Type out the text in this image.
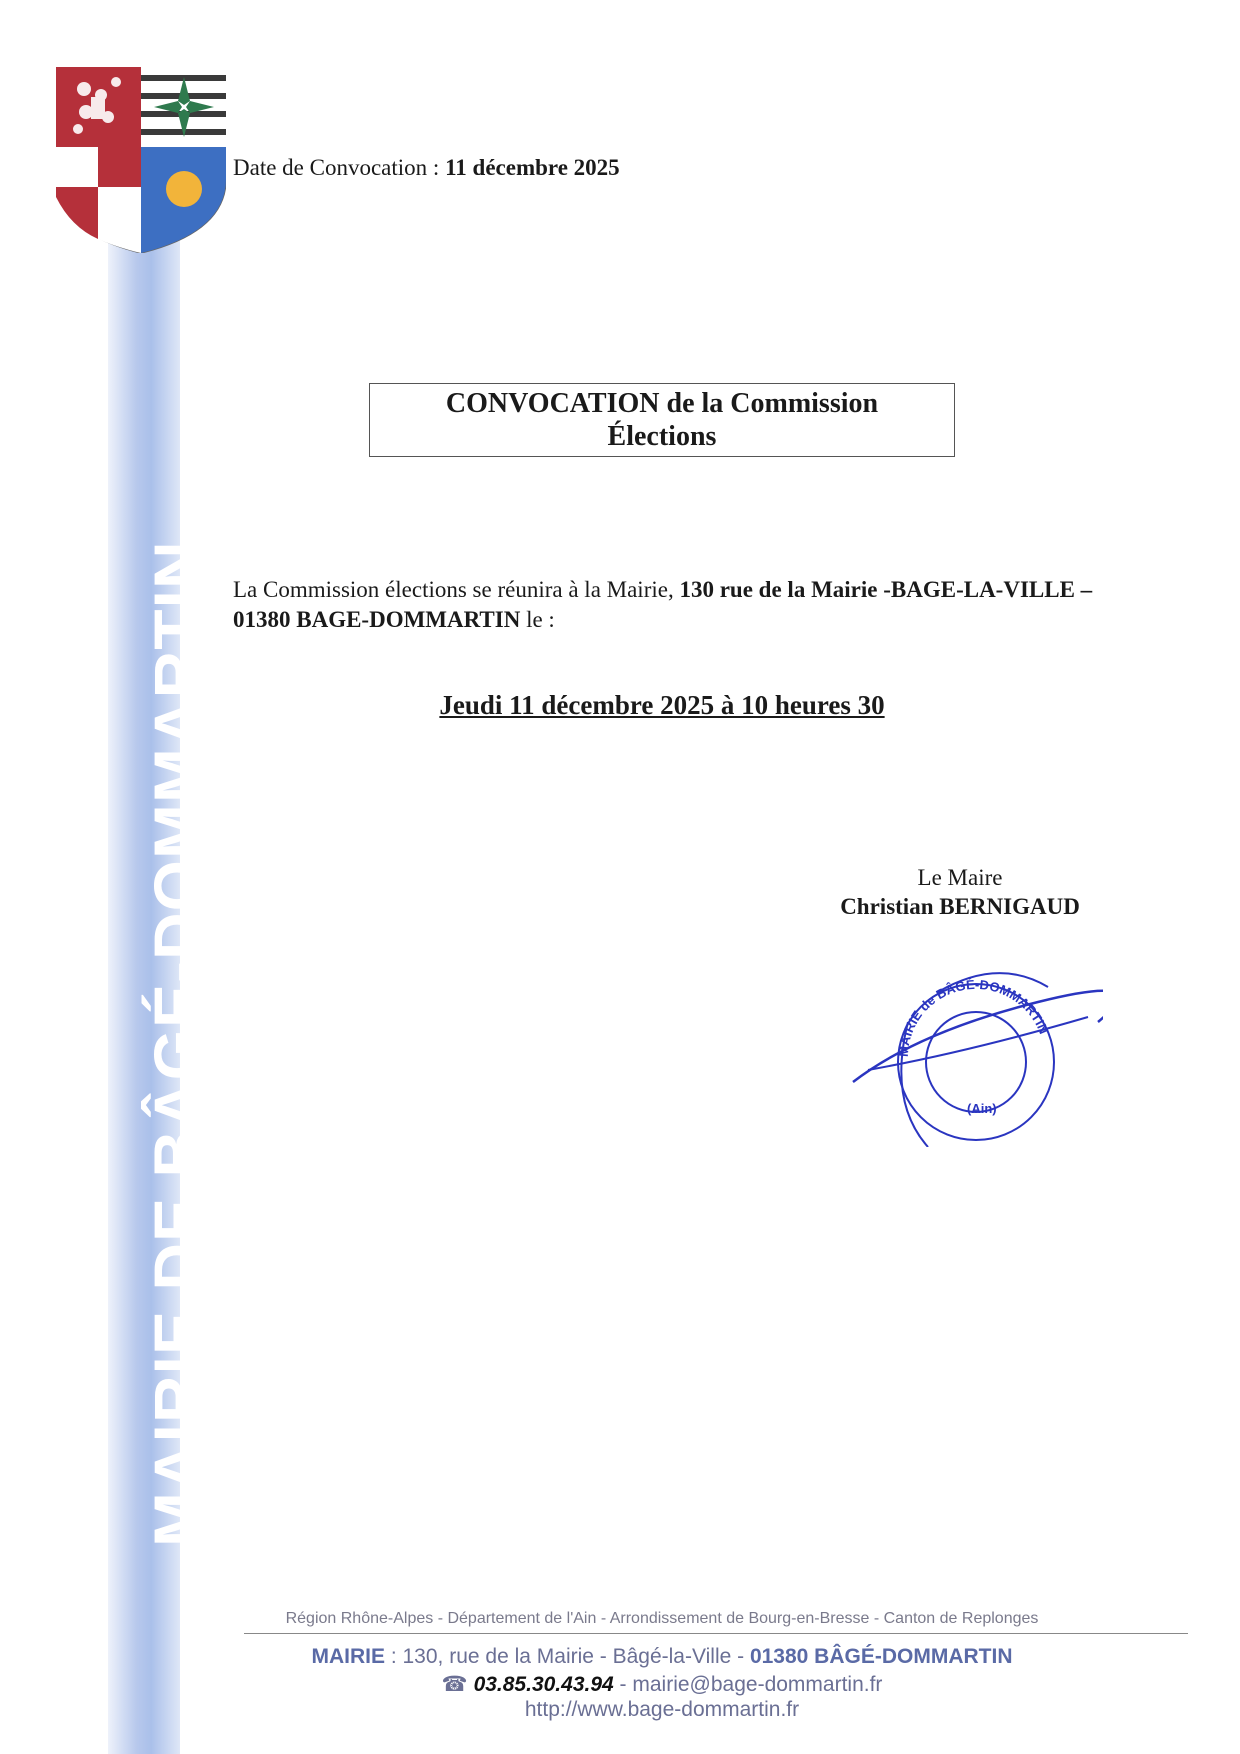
MAIRIE DE BÂGÉ-DOMMARTIN
Date de Convocation : 11 décembre 2025
CONVOCATION de la Commission
Élections
La Commission élections se réunira à la Mairie, 130 rue de la Mairie -BAGE-LA-VILLE – 01380 BAGE-DOMMARTIN le :
Jeudi 11 décembre 2025 à 10 heures 30
Le Maire
Christian BERNIGAUD
MAIRIE de BÂGÉ-DOMMARTIN
(Ain)
Région Rhône-Alpes - Département de l'Ain - Arrondissement de Bourg-en-Bresse - Canton de Replonges
MAIRIE : 130, rue de la Mairie - Bâgé-la-Ville - 01380 BÂGÉ-DOMMARTIN
☎ 03.85.30.43.94 - mairie@bage-dommartin.fr
http://www.bage-dommartin.fr
